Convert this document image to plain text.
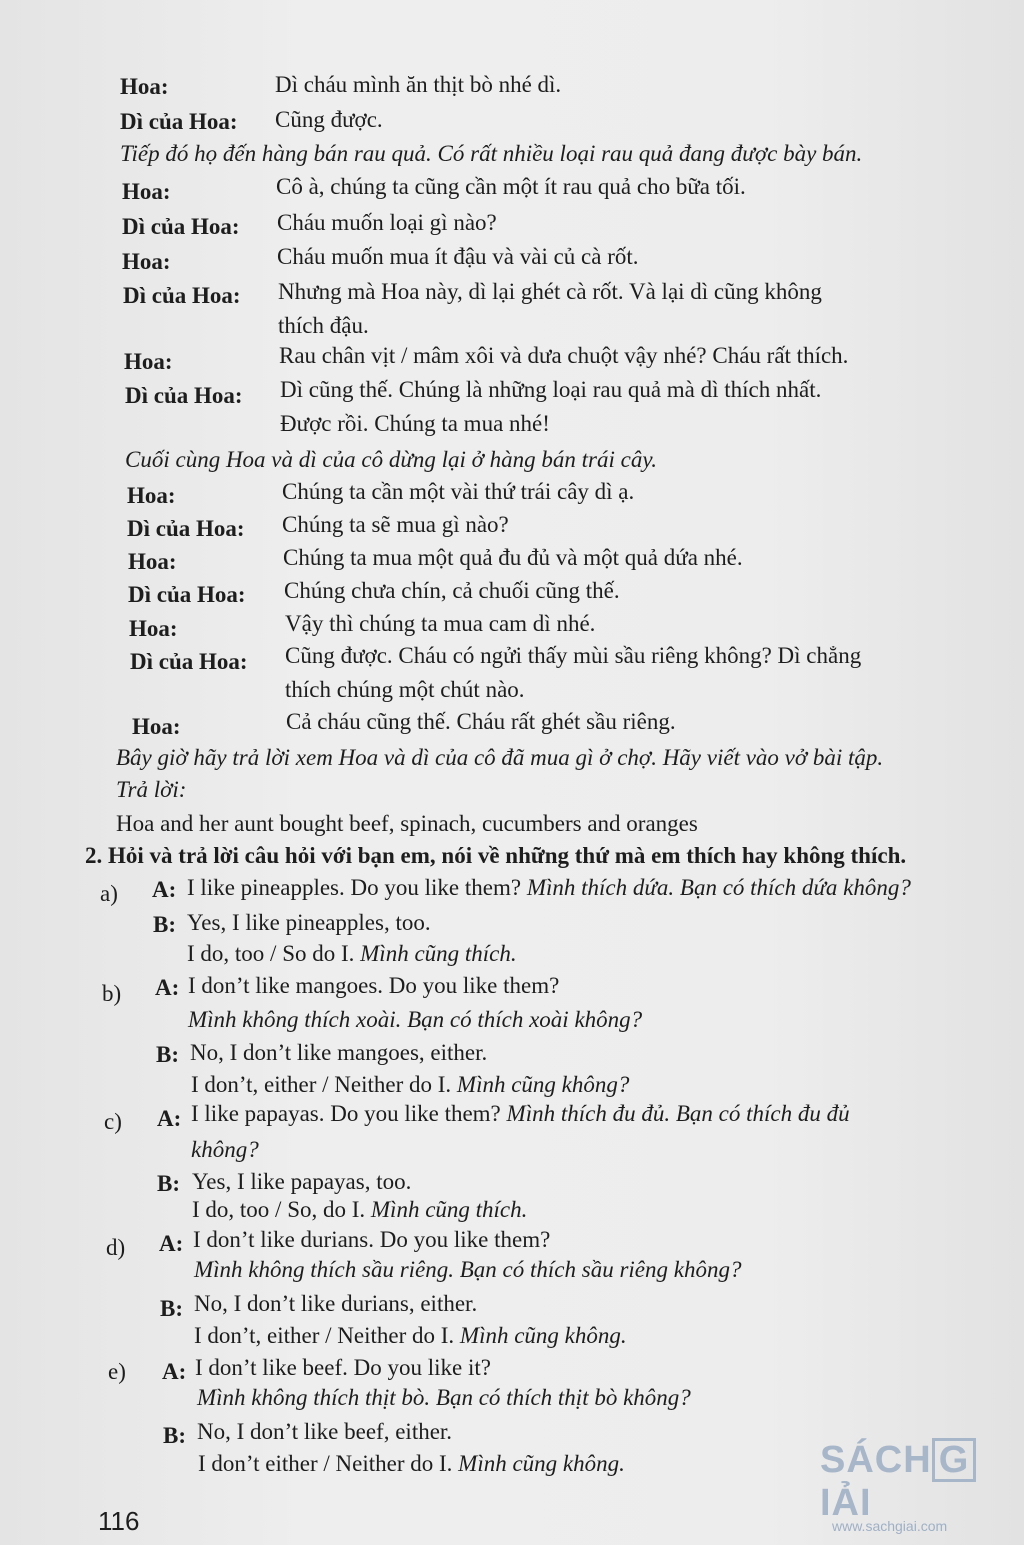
Hoa:	Dì cháu mình ăn thịt bò nhé dì.
Dì của Hoa: Cũng được.
Tiếp đó họ đến hàng bán rau quả. Có rất nhiều loại rau quả đang được bày bán.
Hoa:	Cô à, chúng ta cũng cần một ít rau quả cho bữa tối.
Dì của Hoa: Cháu muốn loại gì nào?
Hoa:	Cháu muốn mua ít đậu và vài củ cà rốt.
Dì của Hoa: Nhưng mà Hoa này, dì lại ghét cà rốt. Và lại dì cũng không
thích đậu.
Hoa:	Rau chân vịt / mâm xôi và dưa chuột vậy nhé? Cháu rất thích.
Dì của Hoa: Dì cũng thế. Chúng là những loại rau quả mà dì thích nhất.
Được rồi. Chúng ta mua nhé!
Cuối cùng Hoa và dì của cô dừng lại ở hàng bán trái cây.
Hoa:	Chúng ta cần một vài thứ trái cây dì ạ.
Dì của Hoa: Chúng ta sẽ mua gì nào?
Hoa:	Chúng ta mua một quả đu đủ và một quả dứa nhé.
Dì của Hoa: Chúng chưa chín, cả chuối cũng thế.
Hoa:	Vậy thì chúng ta mua cam dì nhé.
Dì của Hoa: Cũng được. Cháu có ngửi thấy mùi sầu riêng không? Dì chẳng
thích chúng một chút nào.
Hoa:	Cả cháu cũng thế. Cháu rất ghét sầu riêng.
Bây giờ hãy trả lời xem Hoa và dì của cô đã mua gì ở chợ. Hãy viết vào vở bài tập.
Trả lời:
Hoa and her aunt bought beef, spinach, cucumbers and oranges
2. Hỏi và trả lời câu hỏi với bạn em, nói về những thứ mà em thích hay không thích.
a) A: I like pineapples. Do you like them? Mình thích dứa. Bạn có thích dứa không?
B: Yes, I like pineapples, too.
I do, too / So do I. Mình cũng thích.
b) A: I don’t like mangoes. Do you like them?
Mình không thích xoài. Bạn có thích xoài không?
B: No, I don’t like mangoes, either.
I don’t, either / Neither do I. Mình cũng không?
c) A: I like papayas. Do you like them? Mình thích đu đủ. Bạn có thích đu đủ
không?
B: Yes, I like papayas, too.
I do, too / So, do I. Mình cũng thích.
d) A: I don’t like durians. Do you like them?
Mình không thích sầu riêng. Bạn có thích sầu riêng không?
B: No, I don’t like durians, either.
I don’t, either / Neither do I. Mình cũng không.
e) A: I don’t like beef. Do you like it?
Mình không thích thịt bò. Bạn có thích thịt bò không?
B: No, I don’t like beef, either.
I don’t either / Neither do I. Mình cũng không.
116
SÁCH GIẢI
www.sachgiai.com
